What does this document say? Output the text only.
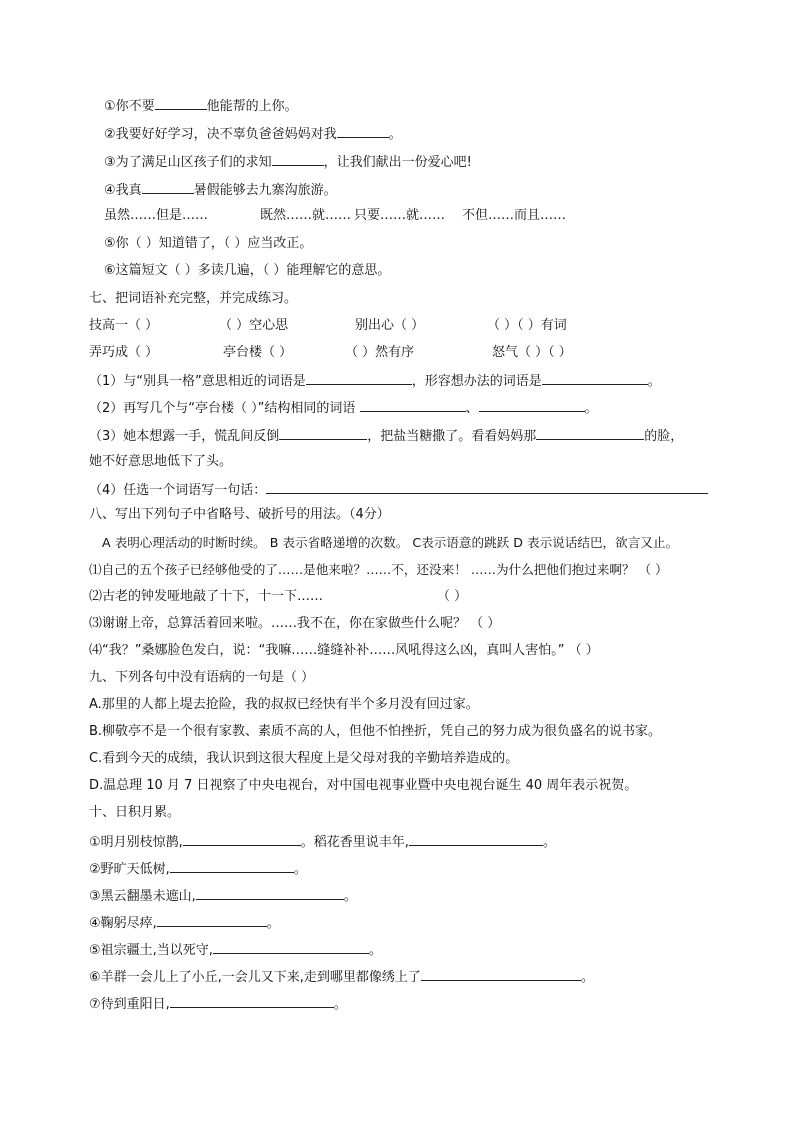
①你不要	他能帮的上你。
②我要好好学习，决不辜负爸爸妈妈对我	。
③为了满足山区孩子们的求知	，让我们献出一份爱心吧!
④我真	暑假能够去九寨沟旅游。
虽然……但是……	既然……就…… 只要……就…… 不但……而且……
⑤你（ ）知道错了，（ ）应当改正。
⑥这篇短文（ ）多读几遍，（ ）能理解它的意思。
七、把词语补充完整，并完成练习。
技高一（ ）	（ ）空心思	别出心（ ）	（ ）（ ）有词
弄巧成（ ）	亭台楼（ ）	（ ）然有序	怒气（ ）（ ）
（1）与“别具一格”意思相近的词语是	，形容想办法的词语是	。
（2）再写几个与“亭台楼（ ）”结构相同的词语	、	。
（3）她本想露一手，慌乱间反倒	，把盐当糖撒了。看看妈妈那	的脸，
她不好意思地低下了头。
（4）任选一个词语写一句话：
八、写出下列句子中省略号、破折号的用法。（4分）
A 表明心理活动的时断时续。 B 表示省略递增的次数。 C表示语意的跳跃 D 表示说话结巴，欲言又止。
⑴自己的五个孩子已经够他受的了……是他来啦？……不，还没来！ ……为什么把他们抱过来啊？ （ ）
⑵古老的钟发哑地敲了十下，十一下……	（ ）
⑶谢谢上帝，总算活着回来啦。……我不在，你在家做些什么呢？ （ ）
⑷“我？”桑娜脸色发白，说：“我嘛……缝缝补补……风吼得这么凶，真叫人害怕。” （ ）
九、下列各句中没有语病的一句是（ ）
A.那里的人都上堤去抢险，我的叔叔已经快有半个多月没有回过家。
B.柳敬亭不是一个很有家教、素质不高的人，但他不怕挫折，凭自己的努力成为很负盛名的说书家。
C.看到今天的成绩，我认识到这很大程度上是父母对我的辛勤培养造成的。
D.温总理 10 月 7 日视察了中央电视台，对中国电视事业暨中央电视台诞生 40 周年表示祝贺。
十、日积月累。
①明月别枝惊鹊,	。稻花香里说丰年,	。
②野旷天低树,	。
③黑云翻墨未遮山,	。
④鞠躬尽瘁,	。
⑤祖宗疆土,当以死守,	。
⑥羊群一会儿上了小丘,一会儿又下来,走到哪里都像绣上了	。
⑦待到重阳日,	。
